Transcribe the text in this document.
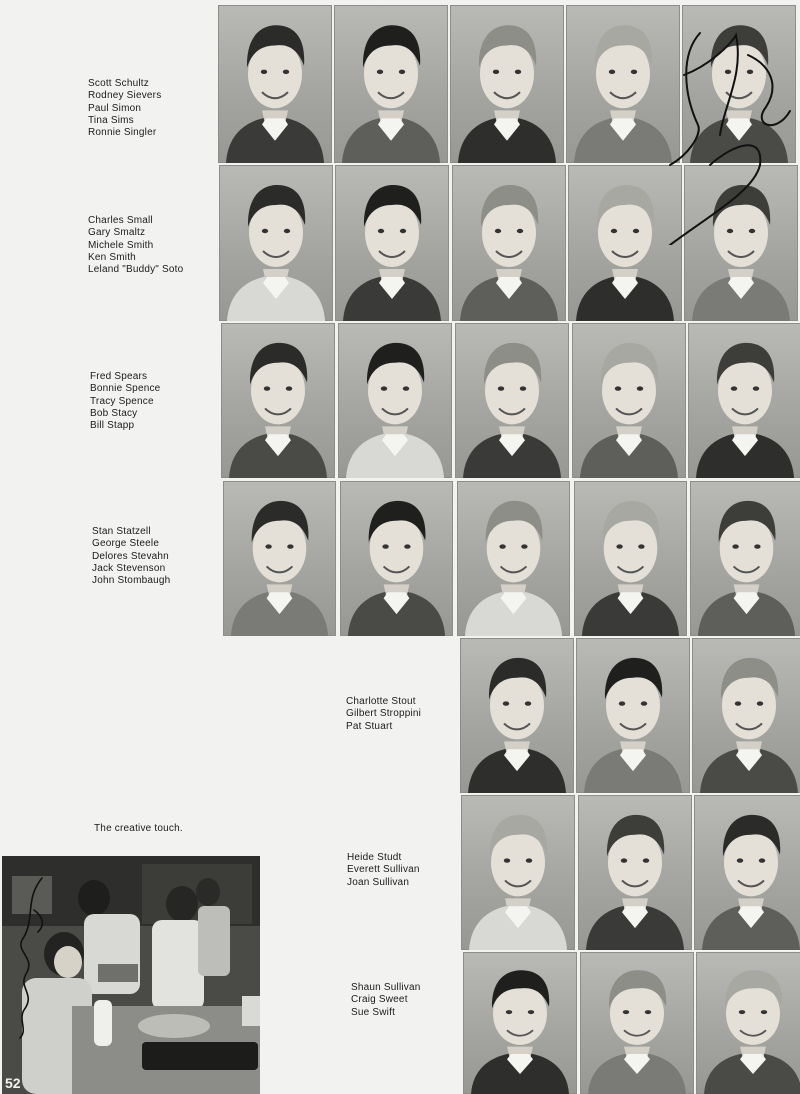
Scott Schultz
Rodney Sievers
Paul Simon
Tina Sims
Ronnie Singler
Charles Small
Gary Smaltz
Michele Smith
Ken Smith
Leland "Buddy" Soto
Fred Spears
Bonnie Spence
Tracy Spence
Bob Stacy
Bill Stapp
Stan Statzell
George Steele
Delores Stevahn
Jack Stevenson
John Stombaugh
Charlotte Stout
Gilbert Stroppini
Pat Stuart
Heide Studt
Everett Sullivan
Joan Sullivan
Shaun Sullivan
Craig Sweet
Sue Swift
The creative touch.
52
